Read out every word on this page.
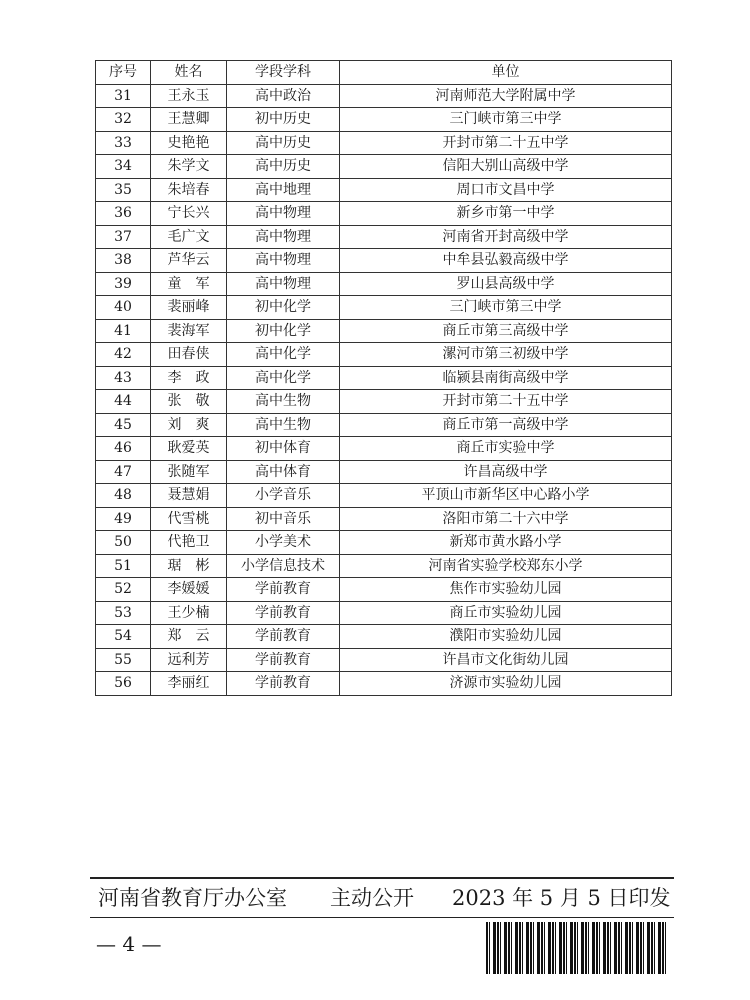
序号	姓名	学段学科	单位
31	王永玉	高中政治	河南师范大学附属中学
32	王慧卿	初中历史	三门峡市第三中学
33	史艳艳	高中历史	开封市第二十五中学
34	朱学文	高中历史	信阳大别山高级中学
35	朱培春	高中地理	周口市文昌中学
36	宁长兴	高中物理	新乡市第一中学
37	毛广文	高中物理	河南省开封高级中学
38	芦华云	高中物理	中牟县弘毅高级中学
39	童　军	高中物理	罗山县高级中学
40	裴丽峰	初中化学	三门峡市第三中学
41	裴海军	初中化学	商丘市第三高级中学
42	田春侠	高中化学	漯河市第三初级中学
43	李　政	高中化学	临颍县南街高级中学
44	张　敬	高中生物	开封市第二十五中学
45	刘　爽	高中生物	商丘市第一高级中学
46	耿爱英	初中体育	商丘市实验中学
47	张随军	高中体育	许昌高级中学
48	聂慧娟	小学音乐	平顶山市新华区中心路小学
49	代雪桃	初中音乐	洛阳市第二十六中学
50	代艳卫	小学美术	新郑市黄水路小学
51	琚　彬	小学信息技术	河南省实验学校郑东小学
52	李媛媛	学前教育	焦作市实验幼儿园
53	王少楠	学前教育	商丘市实验幼儿园
54	郑　云	学前教育	濮阳市实验幼儿园
55	远利芳	学前教育	许昌市文化街幼儿园
56	李丽红	学前教育	济源市实验幼儿园
河南省教育厅办公室 主动公开 2023 年 5 月 5 日印发
— 4 —
